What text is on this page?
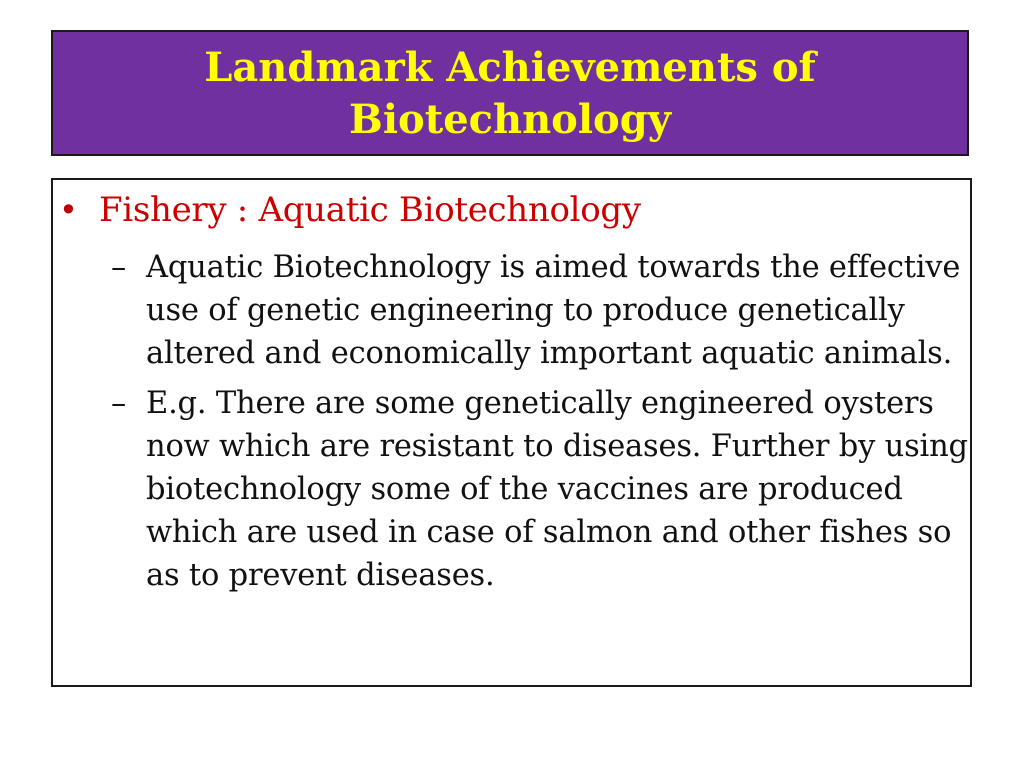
Landmark Achievements of
Biotechnology
• Fishery : Aquatic Biotechnology
– Aquatic Biotechnology is aimed towards the effective use of genetic engineering to produce genetically altered and economically important aquatic animals.
– E.g. There are some genetically engineered oysters now which are resistant to diseases. Further by using biotechnology some of the vaccines are produced which are used in case of salmon and other fishes so as to prevent diseases.
